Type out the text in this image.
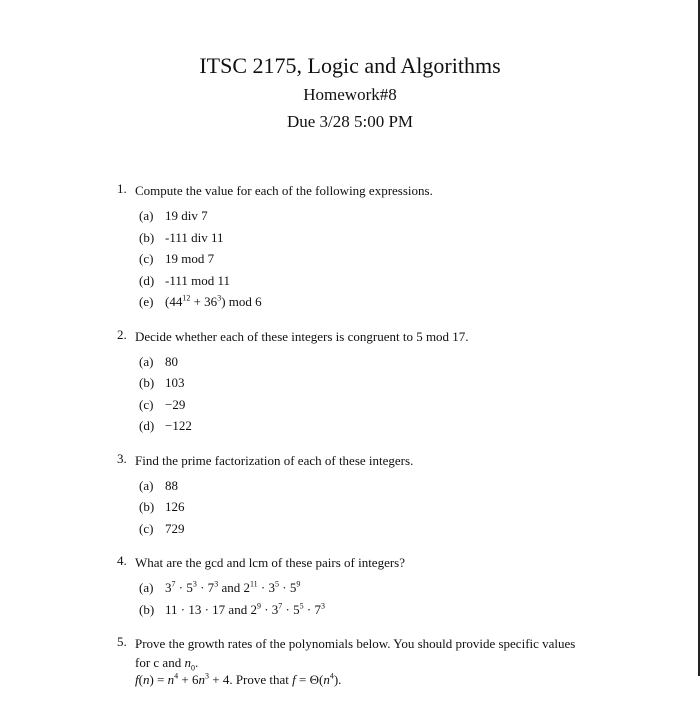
ITSC 2175, Logic and Algorithms
Homework#8
Due 3/28 5:00 PM
1. Compute the value for each of the following expressions.
(a) 19 div 7
(b) -111 div 11
(c) 19 mod 7
(d) -111 mod 11
(e) $(44^{12} + 36^3)$ mod 6
2. Decide whether each of these integers is congruent to 5 mod 17.
(a) 80
(b) 103
(c) −29
(d) −122
3. Find the prime factorization of each of these integers.
(a) 88
(b) 126
(c) 729
4. What are the gcd and lcm of these pairs of integers?
(a) $3^7 \cdot 5^3 \cdot 7^3$ and $2^{11} \cdot 3^5 \cdot 5^9$
(b) 11 · 13 · 17 and $2^9 \cdot 3^7 \cdot 5^5 \cdot 7^3$
5. Prove the growth rates of the polynomials below. You should provide specific values
for c and $n_0$.
$f(n) = n^4 + 6n^3 + 4$. Prove that $f = \Theta(n^4)$.
